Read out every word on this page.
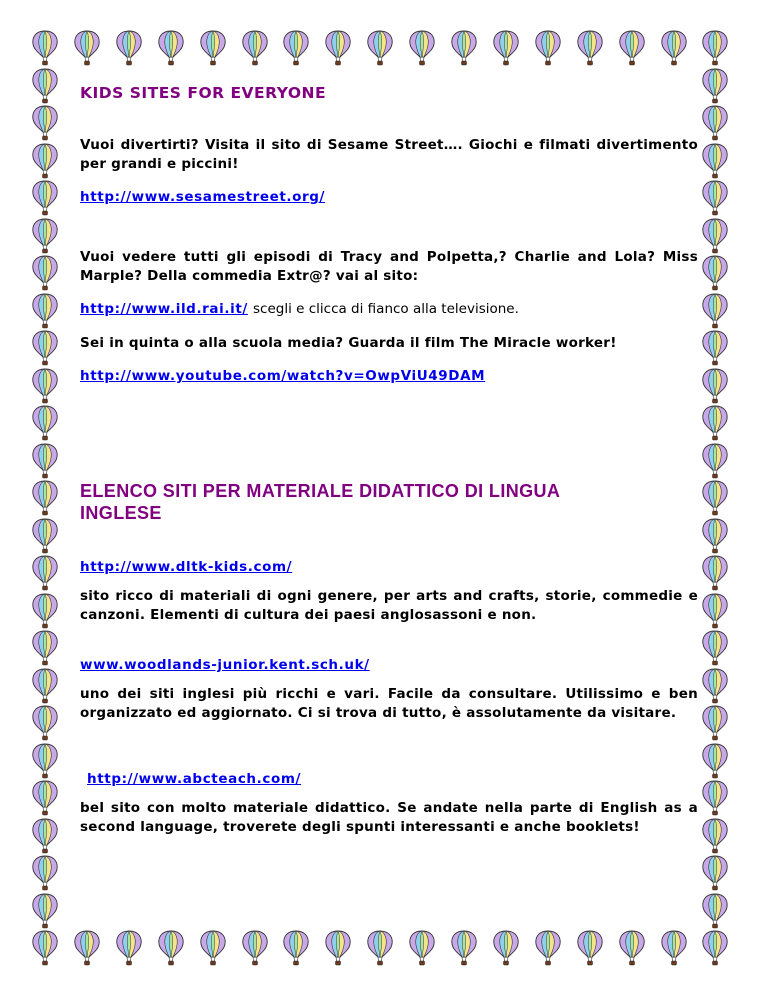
KIDS SITES FOR EVERYONE

Vuoi divertirti? Visita il sito di Sesame Street…. Giochi e filmati divertimento per grandi e piccini!

http://www.sesamestreet.org/

Vuoi vedere tutti gli episodi di Tracy and Polpetta,? Charlie and Lola? Miss Marple? Della commedia Extr@? vai al sito:

http://www.ild.rai.it/ scegli e clicca di fianco alla televisione.

Sei in quinta o alla scuola media? Guarda il film The Miracle worker!

http://www.youtube.com/watch?v=OwpViU49DAM
ELENCO SITI PER MATERIALE DIDATTICO DI LINGUA INGLESE
http://www.dltk-kids.com/

sito ricco di materiali di ogni genere, per arts and crafts, storie, commedie e canzoni. Elementi di cultura dei paesi anglosassoni e non.

www.woodlands-junior.kent.sch.uk/

uno dei siti inglesi più ricchi e vari. Facile da consultare. Utilissimo e ben organizzato ed aggiornato. Ci si trova di tutto, è assolutamente da visitare.

http://www.abcteach.com/

bel sito con molto materiale didattico. Se andate nella parte di English as a second language, troverete degli spunti interessanti e anche booklets!
